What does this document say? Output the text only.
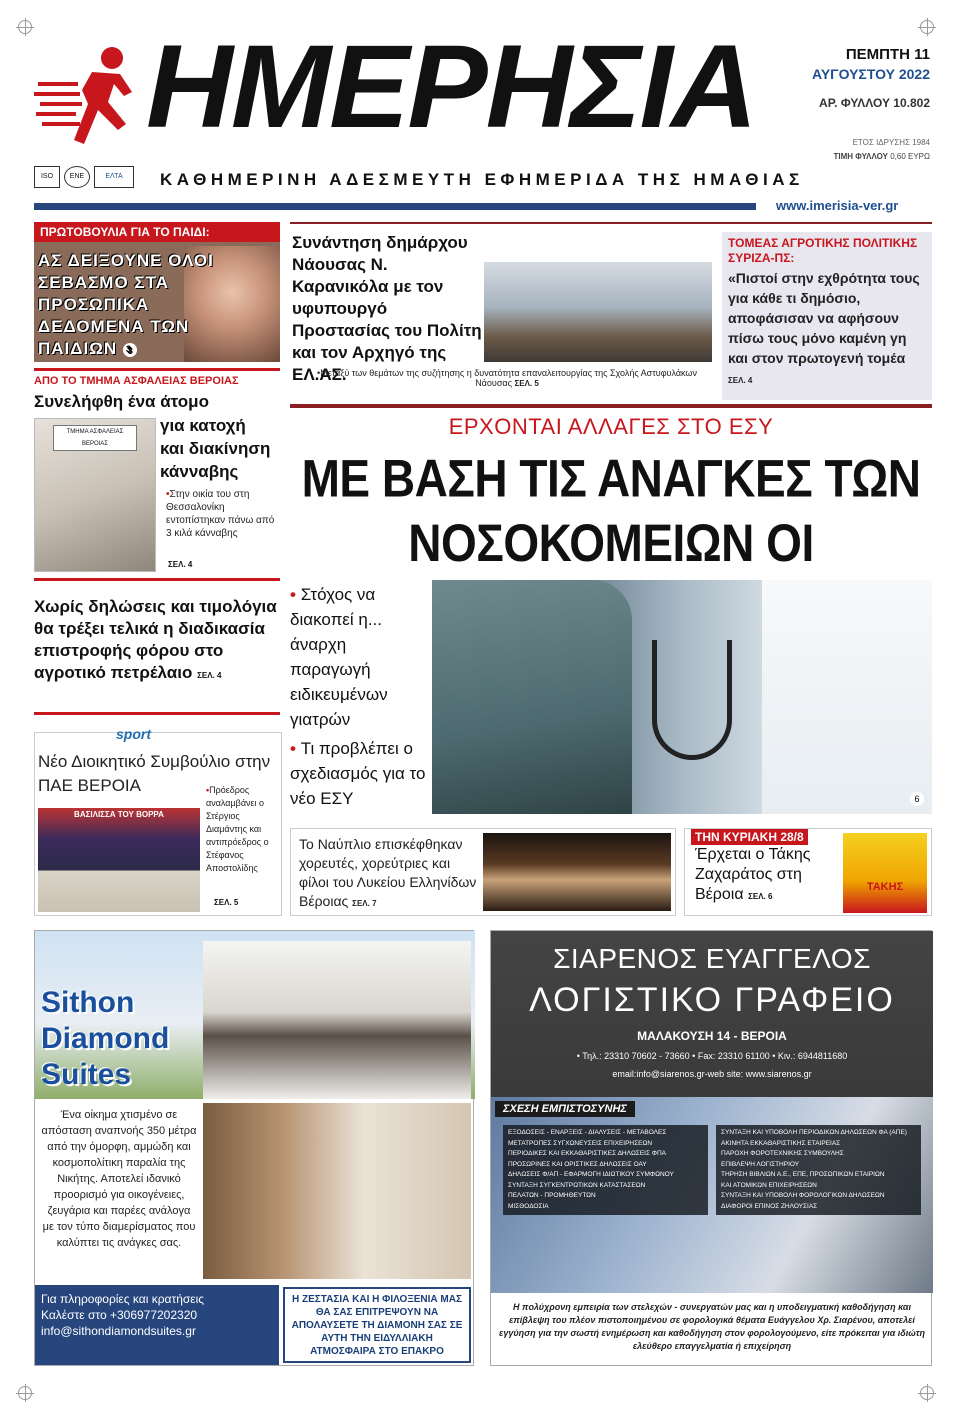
ΗΜΕΡΗΣΙΑ
ISO	ΕΝΕ	ΕΛΤΑ	ΚΑΘΗΜΕΡΙΝΗ ΑΔΕΣΜΕΥΤΗ ΕΦΗΜΕΡΙΔΑ ΤΗΣ ΗΜΑΘΙΑΣ
ΠΕΜΠΤΗ 11
ΑΥΓΟΥΣΤΟΥ 2022
ΑΡ. ΦΥΛΛΟΥ 10.802
ΕΤΟΣ ΙΔΡΥΣΗΣ 1984
ΤΙΜΗ ΦΥΛΛΟΥ 0,60 ΕΥΡΩ
www.imerisia-ver.gr
ΠΡΩΤΟΒΟΥΛΙΑ ΓΙΑ ΤΟ ΠΑΙΔΙ:
ΑΣ ΔΕΙΞΟΥΝΕ ΟΛΟΙ
ΣΕΒΑΣΜΟ ΣΤΑ
ΠΡΟΣΩΠΙΚΑ
ΔΕΔΟΜΕΝΑ ΤΩΝ
ΠΑΙΔΙΩΝ 3
ΑΠΟ ΤΟ ΤΜΗΜΑ ΑΣΦΑΛΕΙΑΣ ΒΕΡΟΙΑΣ
Συνελήφθη ένα άτομο
ΤΜΗΜΑ ΑΣΦΑΛΕΙΑΣ ΒΕΡΟΙΑΣ
για κατοχή
και διακίνηση
κάνναβης
•Στην οικία του στη Θεσσαλονίκη εντοπίστηκαν πάνω από 3 κιλά κάνναβης
ΣΕΛ. 4
Χωρίς δηλώσεις και τιμολόγια θα τρέξει τελικά η διαδικασία επιστροφής φόρου στο αγροτικό πετρέλαιο ΣΕΛ. 4
sport
Νέο Διοικητικό Συμβούλιο στην ΠΑΕ ΒΕΡΟΙΑ
ΒΑΣΙΛΙΣΣΑ ΤΟΥ ΒΟΡΡΑ
•Πρόεδρος αναλαμβάνει ο Στέργιος Διαμάντης και αντιπρόεδρος ο Στέφανος Αποστολίδης
ΣΕΛ. 5
Συνάντηση δημάρχου Νάουσας Ν. Καρανικόλα με τον υφυπουργό Προστασίας του Πολίτη και τον Αρχηγό της ΕΛ.ΑΣ.
•Μεταξύ των θεμάτων της συζήτησης η δυνατότητα επαναλειτουργίας της Σχολής Αστυφυλάκων Νάουσας ΣΕΛ. 5
ΤΟΜΕΑΣ ΑΓΡΟΤΙΚΗΣ ΠΟΛΙΤΙΚΗΣ ΣΥΡΙΖΑ-ΠΣ:
«Πιστοί στην εχθρότητα τους για κάθε τι δημόσιο, αποφάσισαν να αφήσουν πίσω τους μόνο καμένη γη και στον πρωτογενή τομέα ΣΕΛ. 4
ΕΡΧΟΝΤΑΙ ΑΛΛΑΓΕΣ ΣΤΟ ΕΣΥ
ΜΕ ΒΑΣΗ ΤΙΣ ΑΝΑΓΚΕΣ ΤΩΝ
ΝΟΣΟΚΟΜΕΙΩΝ ΟΙ
• Στόχος να διακοπεί η... άναρχη παραγωγή ειδικευμένων γιατρών
• Τι προβλέπει ο σχεδιασμός για το νέο ΕΣΥ	6
Το Ναύπλιο επισκέφθηκαν χορευτές, χορεύτριες και φίλοι του Λυκείου Ελληνίδων Βέροιας ΣΕΛ. 7
ΤΗΝ ΚΥΡΙΑΚΗ 28/8
Έρχεται ο Τάκης Ζαχαράτος στη Βέροια ΣΕΛ. 6
ΤΑΚΗΣ
Sithon
Diamond
Suites
Ένα οίκημα χτισμένο σε απόσταση αναπνοής 350 μέτρα από την όμορφη, αμμώδη και κοσμοπολίτικη παραλία της Νικήτης. Αποτελεί ιδανικό προορισμό για οικογένειες, ζευγάρια και παρέες ανάλογα με τον τύπο διαμερίσματος που καλύπτει τις ανάγκες σας.
Για πληροφορίες και κρατήσεις
Καλέστε στο +306977202320
info@sithondiamondsuites.gr
Η ΖΕΣΤΑΣΙΑ ΚΑΙ Η ΦΙΛΟΞΕΝΙΑ ΜΑΣ ΘΑ ΣΑΣ ΕΠΙΤΡΕΨΟΥΝ ΝΑ ΑΠΟΛΑΥΣΕΤΕ ΤΗ ΔΙΑΜΟΝΗ ΣΑΣ ΣΕ ΑΥΤΗ ΤΗΝ ΕΙΔΥΛΛΙΑΚΗ ΑΤΜΟΣΦΑΙΡΑ ΣΤΟ ΕΠΑΚΡΟ
ΣΙΑΡΕΝΟΣ ΕΥΑΓΓΕΛΟΣ
ΛΟΓΙΣΤΙΚΟ ΓΡΑΦΕΙΟ
ΜΑΛΑΚΟΥΣΗ 14 - ΒΕΡΟΙΑ
• Τηλ.: 23310 70602 - 73660 • Fax: 23310 61100 • Κιν.: 6944811680
email:info@siarenos.gr-web site: www.siarenos.gr
ΣΧΕΣΗ ΕΜΠΙΣΤΟΣΥΝΗΣ
ΕΞΟΔΟΣΕΙΣ - ΕΝΑΡΞΕΙΣ - ΔΙΑΛΥΣΕΙΣ - ΜΕΤΑΒΟΛΕΣ
ΜΕΤΑΤΡΟΠΕΣ ΣΥΓΧΩΝΕΥΣΕΙΣ ΕΠΙΧΕΙΡΗΣΕΩΝ
ΠΕΡΙΟΔΙΚΕΣ ΚΑΙ ΕΚΚΑΘΑΡΙΣΤΙΚΕΣ ΔΗΛΩΣΕΙΣ ΦΠΑ
ΠΡΟΣΩΡΙΝΕΣ ΚΑΙ ΟΡΙΣΤΙΚΕΣ ΔΗΛΩΣΕΙΣ ΟΑΥ
ΔΗΛΩΣΕΙΣ Φ/ΑΠ - ΕΦΑΡΜΟΓΗ ΙΔΙΩΤΙΚΟΥ ΣΥΜΦΩΝΟΥ
ΣΥΝΤΑΞΗ ΣΥΓΚΕΝΤΡΩΤΙΚΩΝ ΚΑΤΑΣΤΑΣΕΩΝ
ΠΕΛΑΤΩΝ - ΠΡΟΜΗΘΕΥΤΩΝ
ΜΙΣΘΟΔΟΣΙΑ
ΣΥΝΤΑΞΗ ΚΑΙ ΥΠΟΒΟΛΗ ΠΕΡΙΟΔΙΚΩΝ ΔΗΛΩΣΕΩΝ ΦΑ (ΑΠΕ)
ΑΚΙΝΗΤΑ ΕΚΚΑΘΑΡΙΣΤΙΚΗΣ ΕΤΑΙΡΕΙΑΣ
ΠΑΡΟΧΗ ΦΟΡΟΤΕΧΝΙΚΗΣ ΣΥΜΒΟΥΛΗΣ
ΕΠΙΒΛΕΨΗ ΛΟΓΙΣΤΗΡΙΟΥ
ΤΗΡΗΣΗ ΒΙΒΛΙΩΝ Α.Ε., ΕΠΕ, ΠΡΟΣΩΠΙΚΩΝ ΕΤΑΙΡΙΩΝ
ΚΑΙ ΑΤΟΜΙΚΩΝ ΕΠΙΧΕΙΡΗΣΕΩΝ
ΣΥΝΤΑΞΗ ΚΑΙ ΥΠΟΒΟΛΗ ΦΟΡΟΛΟΓΙΚΩΝ ΔΗΛΩΣΕΩΝ
ΔΙΑΦΟΡΟΙ ΕΠΙΝΟΣ ΖΗΛΟΥΣΙΑΣ
Η πολύχρονη εμπειρία των στελεχών - συνεργατών μας και η υποδειγματική καθοδήγηση και επίβλεψη του πλέον πιστοποιημένου σε φορολογικά θέματα Ευάγγελου Χρ. Σιαρένου, αποτελεί εγγύηση για την σωστή ενημέρωση και καθοδήγηση στον φορολογούμενο, είτε πρόκειται για ιδιώτη ελεύθερο επαγγελματία ή επιχείρηση
